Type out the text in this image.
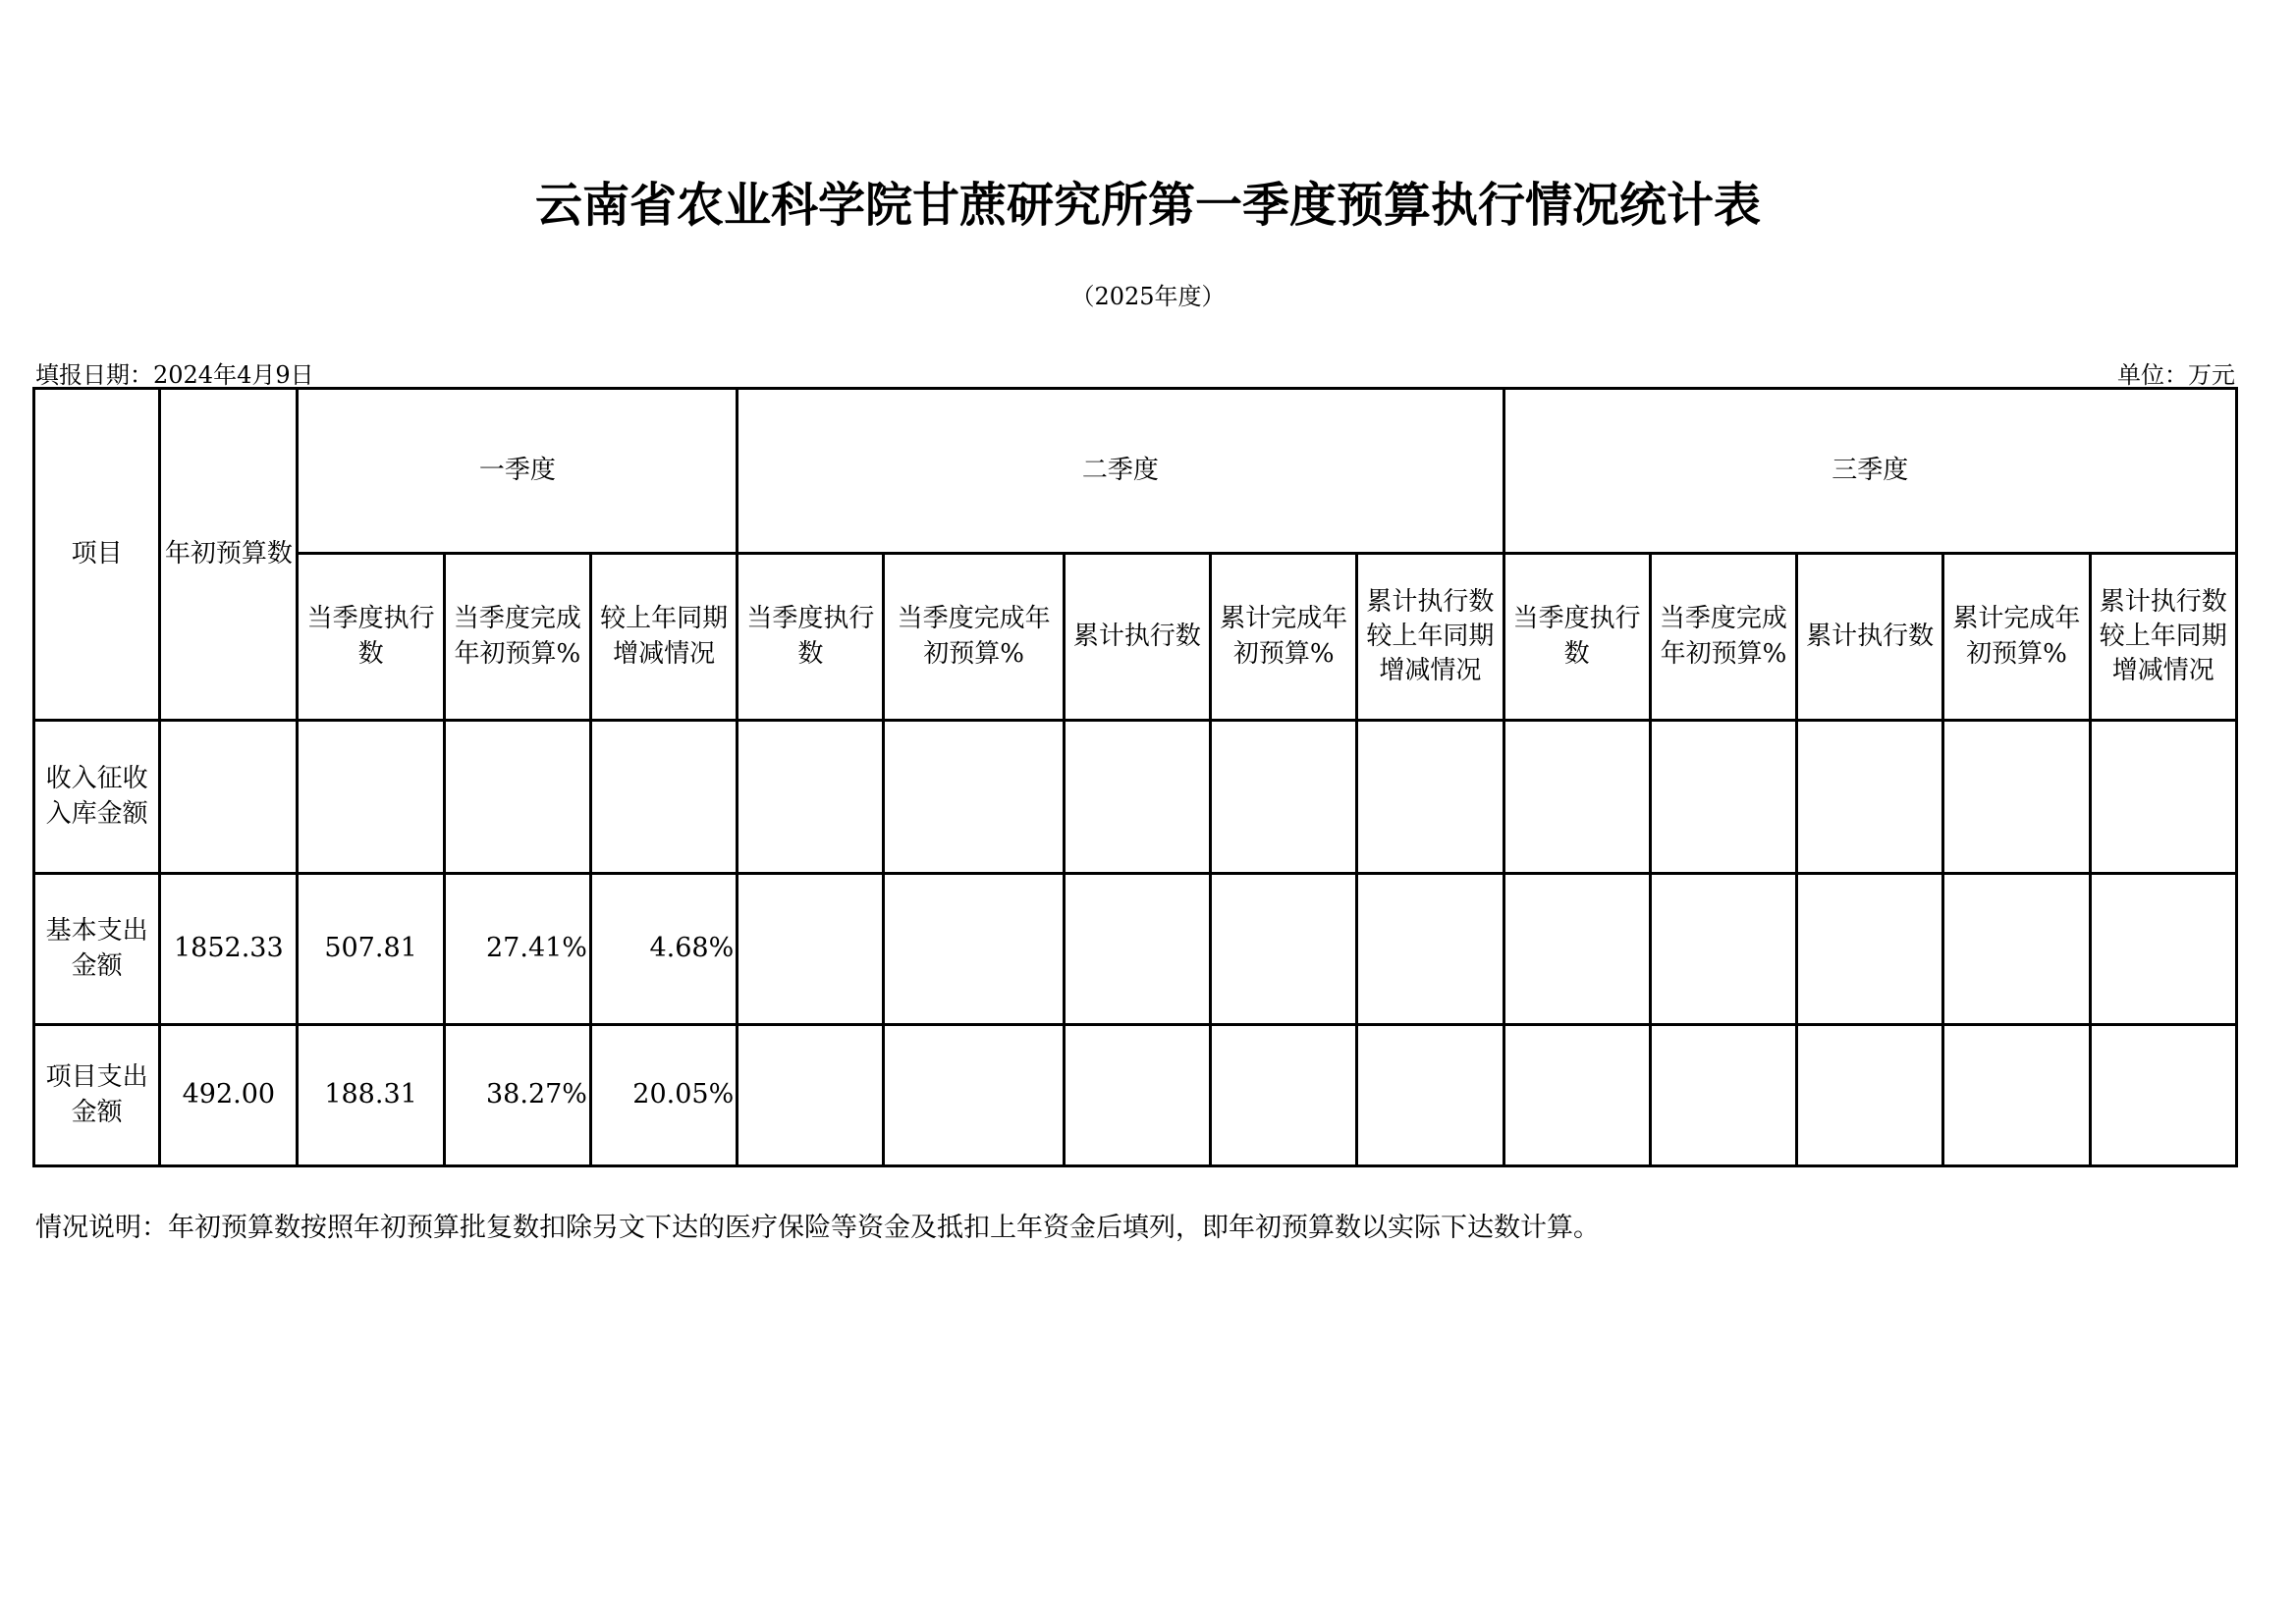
云南省农业科学院甘蔗研究所第一季度预算执行情况统计表
（2025年度）
填报日期：2024年4月9日	单位：万元
项目	年初预算数	一季度			二季度					三季度				
		当季度执行数	当季度完成年初预算%	较上年同期增减情况	当季度执行数	当季度完成年初预算%	累计执行数	累计完成年初预算%	累计执行数较上年同期增减情况	当季度执行数	当季度完成年初预算%	累计执行数	累计完成年初预算%	累计执行数较上年同期增减情况
收入征收入库金额														
基本支出金额	1852.33	507.81	27.41%	4.68%										
项目支出金额	492.00	188.31	38.27%	20.05%										
情况说明：年初预算数按照年初预算批复数扣除另文下达的医疗保险等资金及抵扣上年资金后填列，即年初预算数以实际下达数计算。
